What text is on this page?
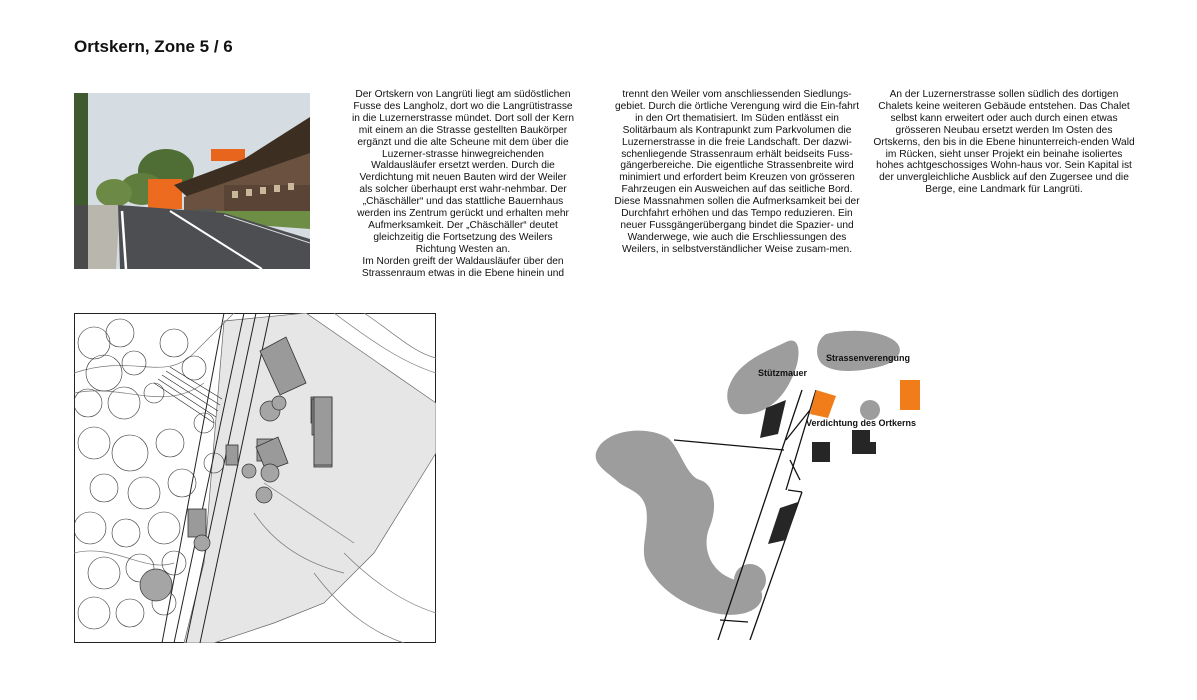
Ortskern, Zone 5 / 6

Der Ortskern von Langrüti liegt am südöstlichen Fusse des Langholz, dort wo die Langrütistrasse in die Luzernerstrasse mündet. Dort soll der Kern mit einem an die Strasse gestellten Baukörper ergänzt und die alte Scheune mit dem über die Luzerner-strasse hinwegreichenden Waldausläufer ersetzt werden. Durch die Verdichtung mit neuen Bauten wird der Weiler als solcher überhaupt erst wahr-nehmbar. Der „Chäschäller“ und das stattliche Bauernhaus werden ins Zentrum gerückt und erhalten mehr Aufmerksamkeit. Der „Chäschäller“ deutet gleichzeitig die Fortsetzung des Weilers Richtung Westen an.

Im Norden greift der Waldausläufer über den Strassenraum etwas in die Ebene hinein und

trennt den Weiler vom anschliessenden Siedlungs-gebiet. Durch die örtliche Verengung wird die Ein-fahrt in den Ort thematisiert. Im Süden entlässt ein Solitärbaum als Kontrapunkt zum Parkvolumen die Luzernerstrasse in die freie Landschaft. Der dazwi-schenliegende Strassenraum erhält beidseits Fuss-gängerbereiche. Die eigentliche Strassenbreite wird minimiert und erfordert beim Kreuzen von grösseren Fahrzeugen ein Ausweichen auf das seitliche Bord. Diese Massnahmen sollen die Aufmerksamkeit bei der Durchfahrt erhöhen und das Tempo reduzieren. Ein neuer Fussgängerübergang bindet die Spazier- und Wanderwege, wie auch die Erschliessungen des Weilers, in selbstverständlicher Weise zusam-men.

An der Luzernerstrasse sollen südlich des dortigen Chalets keine weiteren Gebäude entstehen. Das Chalet selbst kann erweitert oder auch durch einen etwas grösseren Neubau ersetzt werden Im Osten des Ortskerns, den bis in die Ebene hinunterreich-enden Wald im Rücken, sieht unser Projekt ein beinahe isoliertes hohes achtgeschossiges Wohn-haus vor. Sein Kapital ist der unvergleichliche Ausblick auf den Zugersee und die Berge, eine Landmark für Langrüti.

Strassenverengung
Stützmauer
Verdichtung des Ortkerns
